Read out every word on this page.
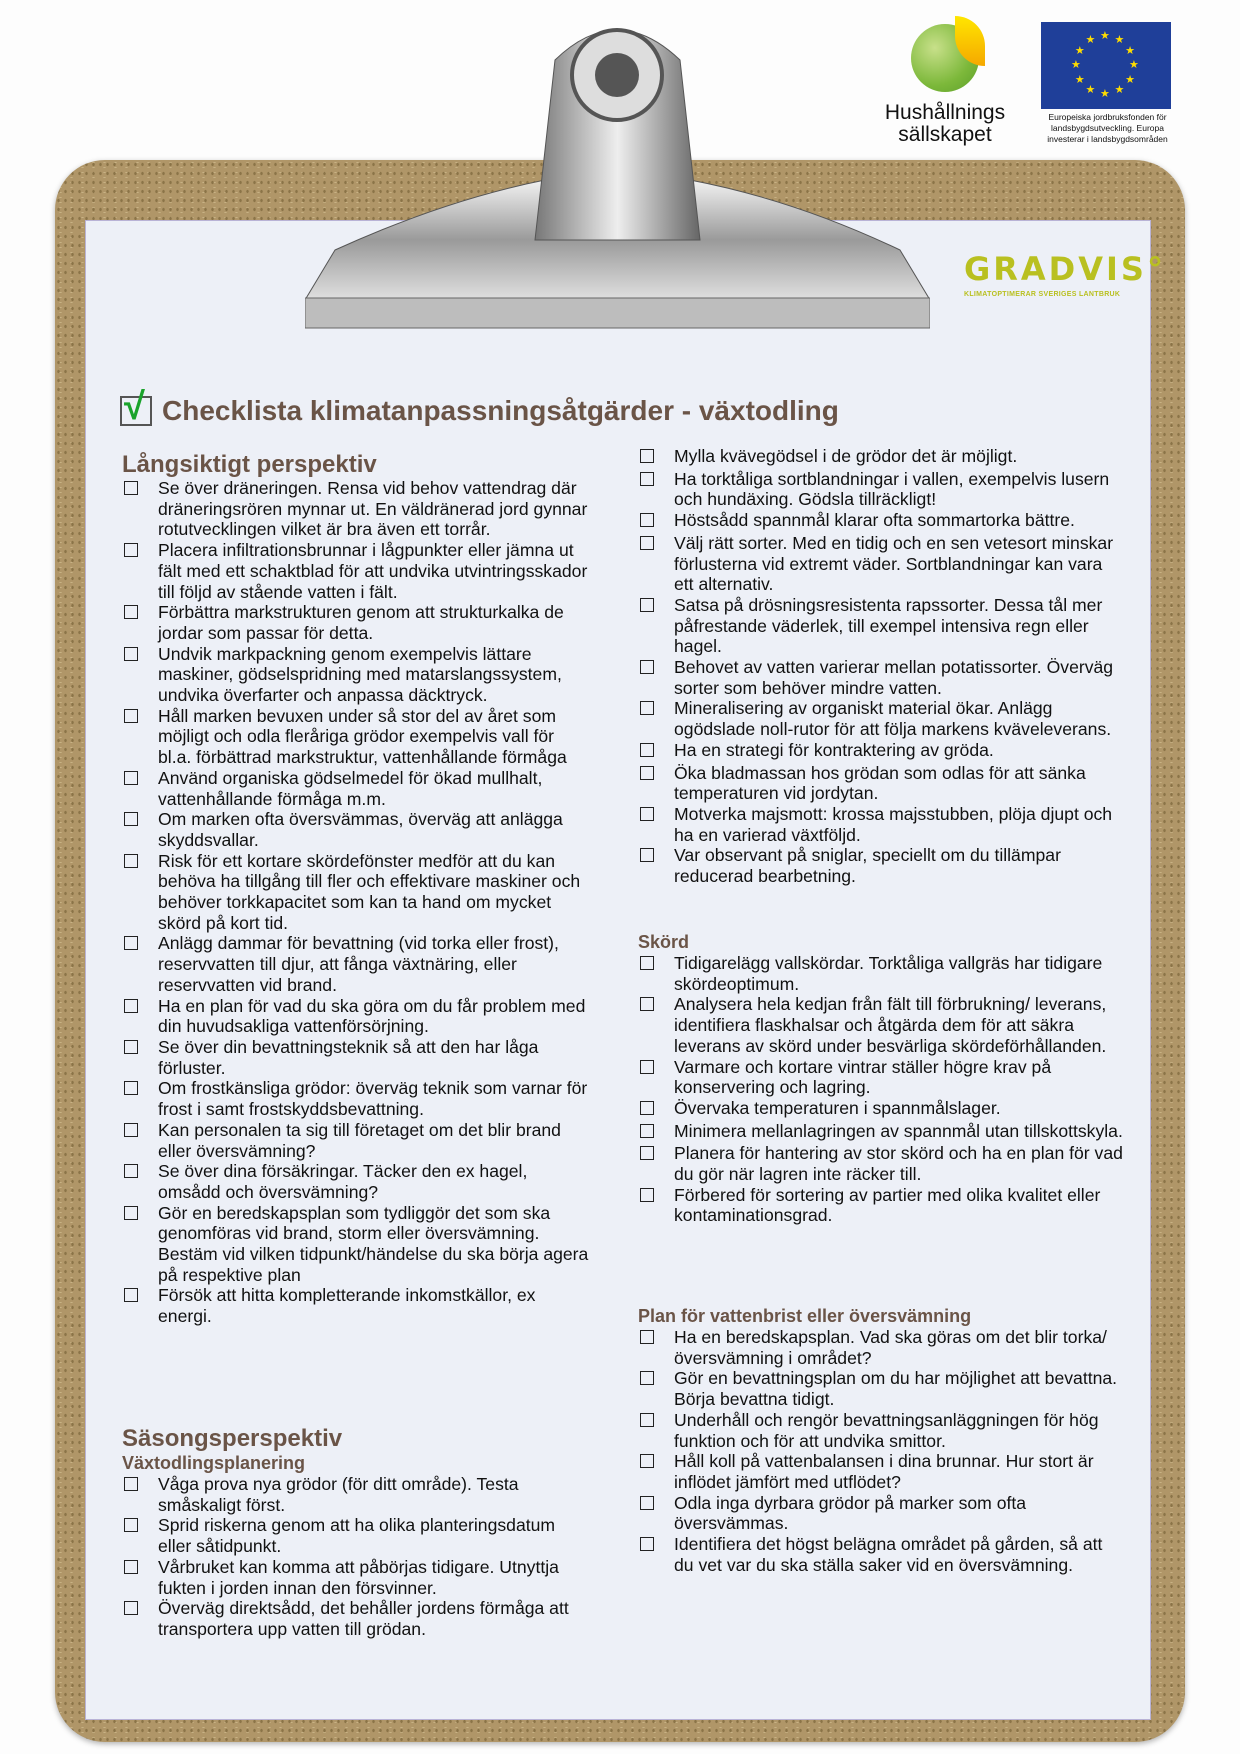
Hushållnings sällskapet
★ ★
★
★
★
★
★
★
★
★
★
★
Europeiska jordbruksfonden för landsbygdsutveckling. Europa investerar i landsbygdsområden
GRADVIS°
KLIMATOPTIMERAR SVERIGES LANTBRUK
√ Checklista klimatanpassningsåtgärder - växtodling
Långsiktigt perspektiv
Se över dräneringen. Rensa vid behov vattendrag där dräneringsrören mynnar ut. En väldränerad jord gynnar rotutvecklingen vilket är bra även ett torrår.
Placera infiltrationsbrunnar i lågpunkter eller jämna ut fält med ett schaktblad för att undvika utvintringsskador till följd av stående vatten i fält.
Förbättra markstrukturen genom att strukturkalka de jordar som passar för detta.
Undvik markpackning genom exempelvis lättare maskiner, gödselspridning med matarslangssystem, undvika överfarter och anpassa däcktryck.
Håll marken bevuxen under så stor del av året som möjligt och odla fleråriga grödor exempelvis vall för bl.a. förbättrad markstruktur, vattenhållande förmåga
Använd organiska gödselmedel för ökad mullhalt, vattenhållande förmåga m.m.
Om marken ofta översvämmas, överväg att anlägga skyddsvallar.
Risk för ett kortare skördefönster medför att du kan behöva ha tillgång till fler och effektivare maskiner och behöver torkkapacitet som kan ta hand om mycket skörd på kort tid.
Anlägg dammar för bevattning (vid torka eller frost), reservvatten till djur, att fånga växtnäring, eller reservvatten vid brand.
Ha en plan för vad du ska göra om du får problem med din huvudsakliga vattenförsörjning.
Se över din bevattningsteknik så att den har låga förluster.
Om frostkänsliga grödor: överväg teknik som varnar för frost i samt frostskyddsbevattning.
Kan personalen ta sig till företaget om det blir brand eller översvämning?
Se över dina försäkringar. Täcker den ex hagel, omsådd och översvämning?
Gör en beredskapsplan som tydliggör det som ska genomföras vid brand, storm eller översvämning. Bestäm vid vilken tidpunkt/händelse du ska börja agera på respektive plan
Försök att hitta kompletterande inkomstkällor, ex energi.
Säsongsperspektiv
Växtodlingsplanering
Våga prova nya grödor (för ditt område). Testa småskaligt först.
Sprid riskerna genom att ha olika planteringsdatum eller såtidpunkt.
Vårbruket kan komma att påbörjas tidigare. Utnyttja fukten i jorden innan den försvinner.
Överväg direktsådd, det behåller jordens förmåga att transportera upp vatten till grödan.
Mylla kvävegödsel i de grödor det är möjligt.
Ha torktåliga sortblandningar i vallen, exempelvis lusern och hundäxing. Gödsla tillräckligt!
Höstsådd spannmål klarar ofta sommartorka bättre.
Välj rätt sorter. Med en tidig och en sen vetesort minskar förlusterna vid extremt väder. Sortblandningar kan vara ett alternativ.
Satsa på drösningsresistenta rapssorter. Dessa tål mer påfrestande väderlek, till exempel intensiva regn eller hagel.
Behovet av vatten varierar mellan potatissorter. Överväg sorter som behöver mindre vatten.
Mineralisering av organiskt material ökar. Anlägg ogödslade noll-rutor för att följa markens kväveleverans.
Ha en strategi för kontraktering av gröda.
Öka bladmassan hos grödan som odlas för att sänka temperaturen vid jordytan.
Motverka majsmott: krossa majsstubben, plöja djupt och ha en varierad växtföljd.
Var observant på sniglar, speciellt om du tillämpar reducerad bearbetning.
Skörd
Tidigarelägg vallskördar. Torktåliga vallgräs har tidigare skördeoptimum.
Analysera hela kedjan från fält till förbrukning/ leverans, identifiera flaskhalsar och åtgärda dem för att säkra leverans av skörd under besvärliga skördeförhållanden.
Varmare och kortare vintrar ställer högre krav på konservering och lagring.
Övervaka temperaturen i spannmålslager.
Minimera mellanlagringen av spannmål utan tillskottskyla.
Planera för hantering av stor skörd och ha en plan för vad du gör när lagren inte räcker till.
Förbered för sortering av partier med olika kvalitet eller kontaminationsgrad.
Plan för vattenbrist eller översvämning
Ha en beredskapsplan. Vad ska göras om det blir torka/översvämning i området?
Gör en bevattningsplan om du har möjlighet att bevattna. Börja bevattna tidigt.
Underhåll och rengör bevattningsanläggningen för hög funktion och för att undvika smittor.
Håll koll på vattenbalansen i dina brunnar. Hur stort är inflödet jämfört med utflödet?
Odla inga dyrbara grödor på marker som ofta översvämmas.
Identifiera det högst belägna området på gården, så att du vet var du ska ställa saker vid en översvämning.
